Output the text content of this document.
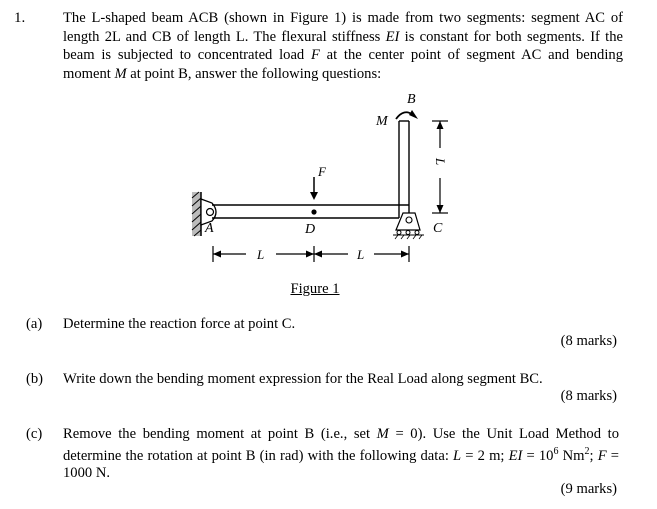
1.	The L-shaped beam ACB (shown in Figure 1) is made from two segments: segment AC of length 2L and CB of length L. The flexural stiffness EI is constant for both segments. If the beam is subjected to concentrated load F at the center point of segment AC and bending moment M at point B, answer the following questions:
F
M
B
A	D	C
L	L
L
Figure 1
(a) Determine the reaction force at point C.
(8 marks)
(b) Write down the bending moment expression for the Real Load along segment BC.
(8 marks)
(c) Remove the bending moment at point B (i.e., set M = 0). Use the Unit Load Method to determine the rotation at point B (in rad) with the following data: L = 2 m; EI = $10^6$ Nm$^2$; F = 1000 N.
(9 marks)
